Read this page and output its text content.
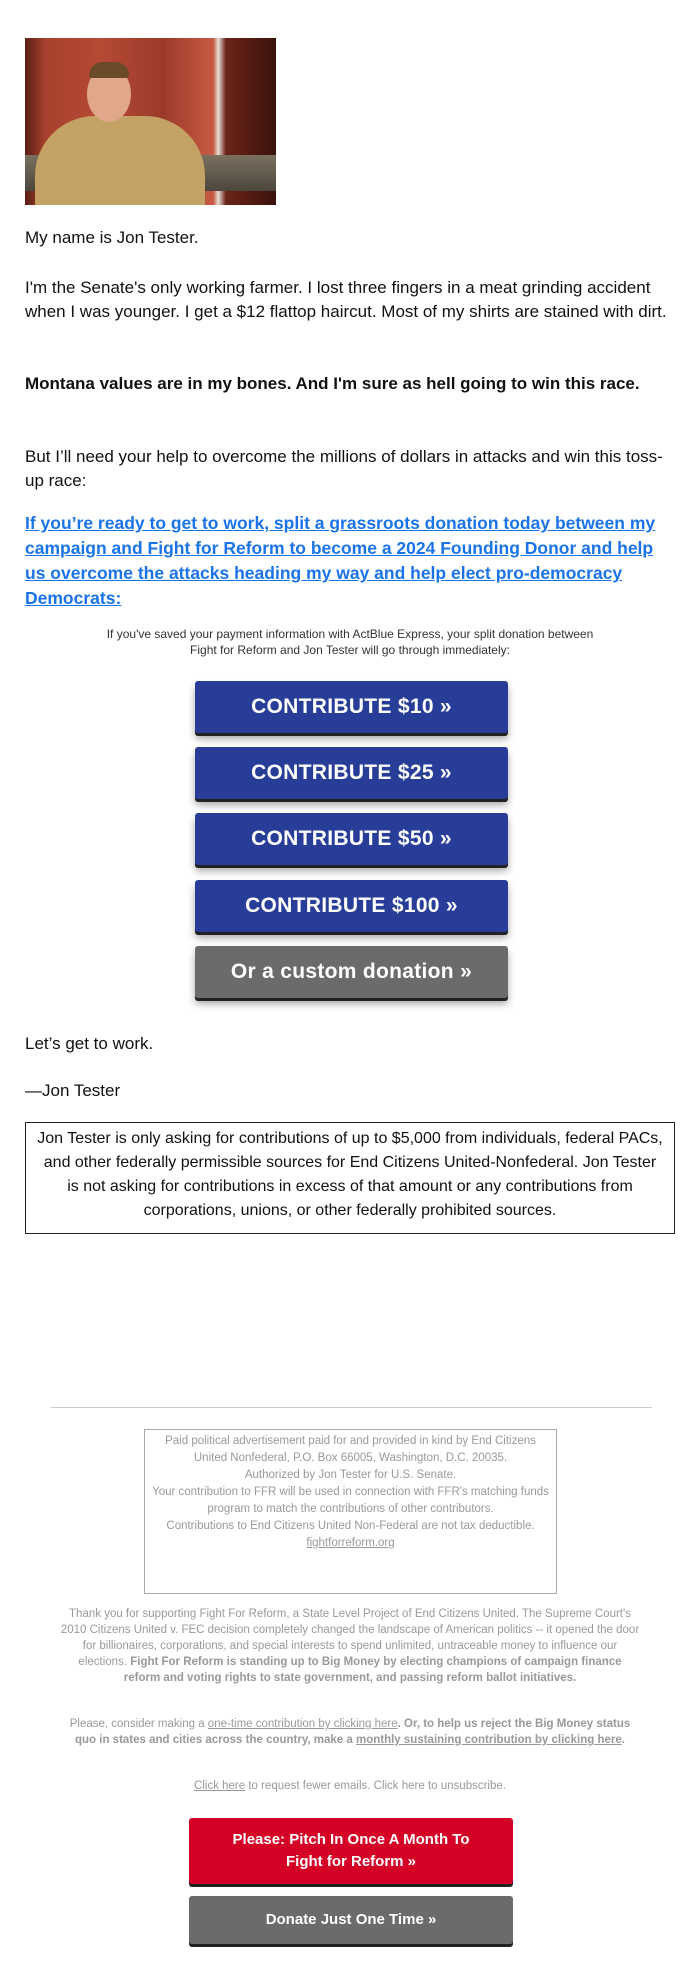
My name is Jon Tester.
I'm the Senate's only working farmer. I lost three fingers in a meat grinding accident when I was younger. I get a $12 flattop haircut. Most of my shirts are stained with dirt.
Montana values are in my bones. And I'm sure as hell going to win this race.
But I’ll need your help to overcome the millions of dollars in attacks and win this toss-up race:
If you’re ready to get to work, split a grassroots donation today between my campaign and Fight for Reform to become a 2024 Founding Donor and help us overcome the attacks heading my way and help elect pro-democracy Democrats:
If you've saved your payment information with ActBlue Express, your split donation between Fight for Reform and Jon Tester will go through immediately:
CONTRIBUTE $10 »
CONTRIBUTE $25 »
CONTRIBUTE $50 »
CONTRIBUTE $100 »
Or a custom donation »
Let’s get to work.
—Jon Tester
Jon Tester is only asking for contributions of up to $5,000 from individuals, federal PACs, and other federally permissible sources for End Citizens United-Nonfederal. Jon Tester is not asking for contributions in excess of that amount or any contributions from corporations, unions, or other federally prohibited sources.
Paid political advertisement paid for and provided in kind by End Citizens United Nonfederal, P.O. Box 66005, Washington, D.C. 20035.
Authorized by Jon Tester for U.S. Senate.
Your contribution to FFR will be used in connection with FFR's matching funds program to match the contributions of other contributors.
Contributions to End Citizens United Non-Federal are not tax deductible.
fightforreform.org
Thank you for supporting Fight For Reform, a State Level Project of End Citizens United. The Supreme Court's 2010 Citizens United v. FEC decision completely changed the landscape of American politics -- it opened the door for billionaires, corporations, and special interests to spend unlimited, untraceable money to influence our elections. Fight For Reform is standing up to Big Money by electing champions of campaign finance reform and voting rights to state government, and passing reform ballot initiatives.
Please, consider making a one-time contribution by clicking here. Or, to help us reject the Big Money status quo in states and cities across the country, make a monthly sustaining contribution by clicking here.
Click here to request fewer emails. Click here to unsubscribe.
Please: Pitch In Once A Month To Fight for Reform »
Donate Just One Time »
